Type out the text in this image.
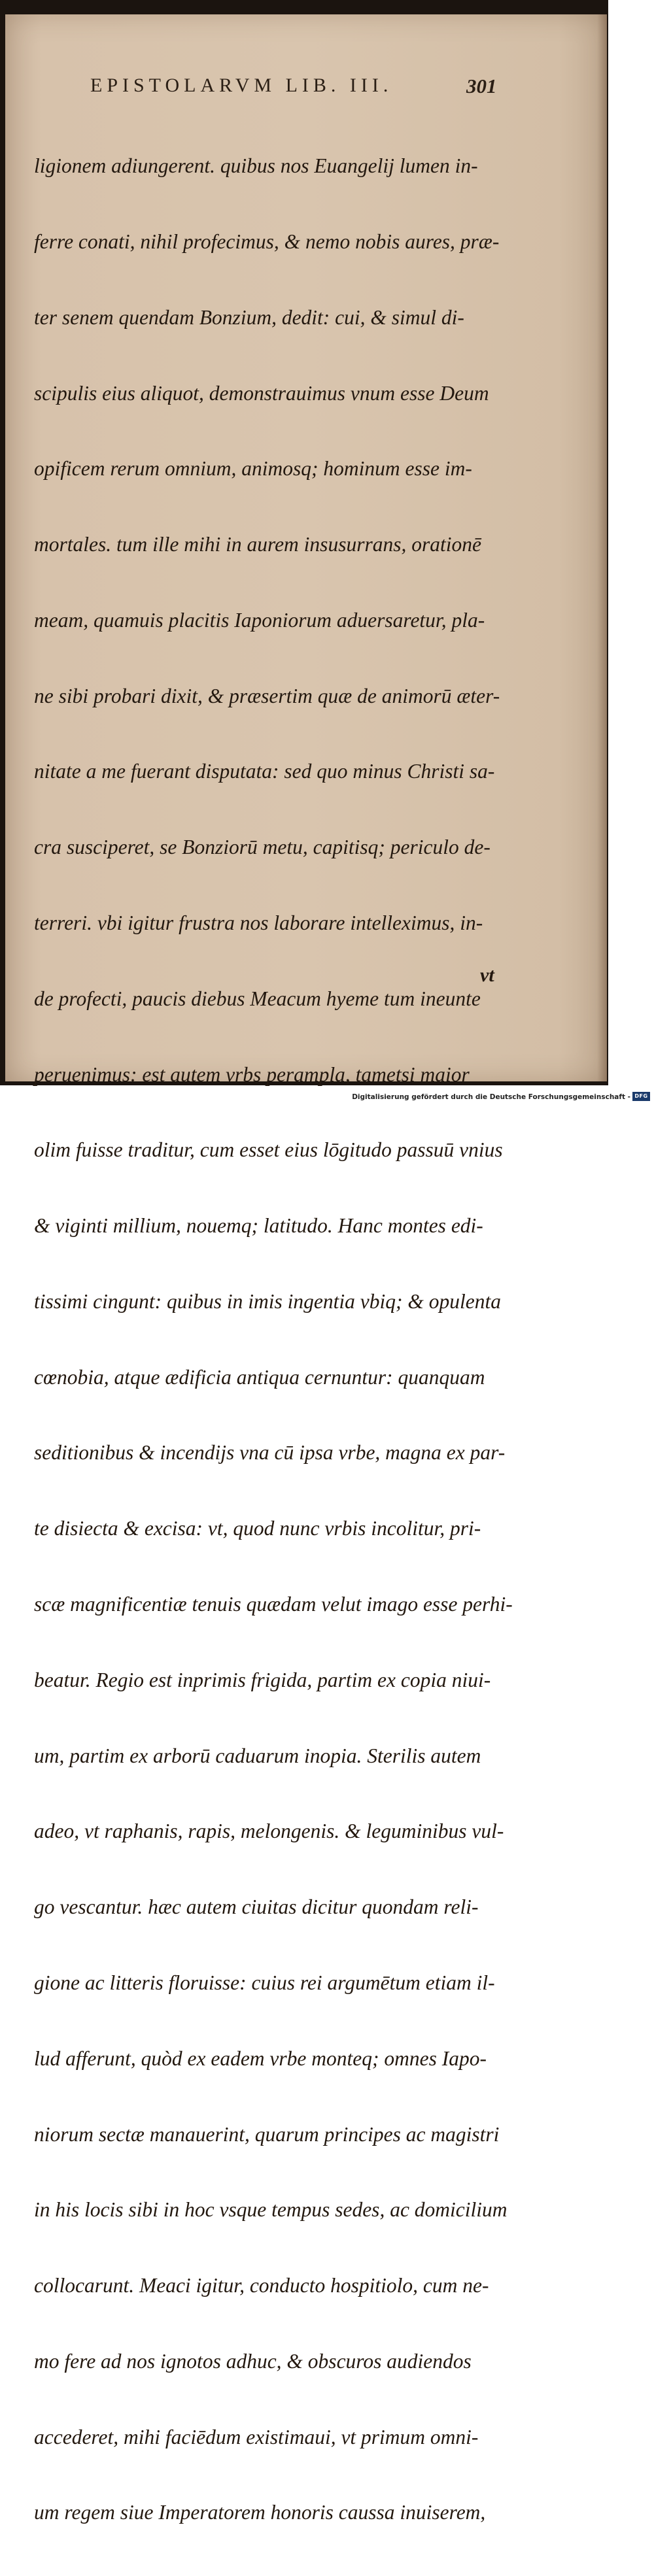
EPISTOLARVM LIB. III.	301

ligionem adiungerent. quibus nos Euangelij lumen in-

ferre conati, nihil profecimus, & nemo nobis aures, præ-

ter senem quendam Bonzium, dedit: cui, & simul di-

scipulis eius aliquot, demonstrauimus vnum esse Deum

opificem rerum omnium, animosq; hominum esse im-

mortales. tum ille mihi in aurem insusurrans, orationē

meam, quamuis placitis Iaponiorum aduersaretur, pla-

ne sibi probari dixit, & præsertim quæ de animorū æter-

nitate a me fuerant disputata: sed quo minus Christi sa-

cra susciperet, se Bonziorū metu, capitisq; periculo de-

terreri. vbi igitur frustra nos laborare intelleximus, in-

de profecti, paucis diebus Meacum hyeme tum ineunte

peruenimus: est autem vrbs perampla, tametsi maior

olim fuisse traditur, cum esset eius lōgitudo passuū vnius

& viginti millium, nouemq; latitudo. Hanc montes edi-

tissimi cingunt: quibus in imis ingentia vbiq; & opulenta

cœnobia, atque ædificia antiqua cernuntur: quanquam

seditionibus & incendijs vna cū ipsa vrbe, magna ex par-

te disiecta & excisa: vt, quod nunc vrbis incolitur, pri-

scæ magnificentiæ tenuis quædam velut imago esse perhi-

beatur. Regio est inprimis frigida, partim ex copia niui-

um, partim ex arborū caduarum inopia. Sterilis autem

adeo, vt raphanis, rapis, melongenis. & leguminibus vul-

go vescantur. hæc autem ciuitas dicitur quondam reli-

gione ac litteris floruisse: cuius rei argumētum etiam il-

lud afferunt, quòd ex eadem vrbe monteq; omnes Iapo-

niorum sectæ manauerint, quarum principes ac magistri

in his locis sibi in hoc vsque tempus sedes, ac domicilium

collocarunt. Meaci igitur, conducto hospitiolo, cum ne-

mo fere ad nos ignotos adhuc, & obscuros audiendos

accederet, mihi faciēdum existimaui, vt primum omni-

um regem siue Imperatorem honoris caussa inuiserem,

vt
Digitalisierung gefördert durch die Deutsche Forschungsgemeinschaft - DFG
